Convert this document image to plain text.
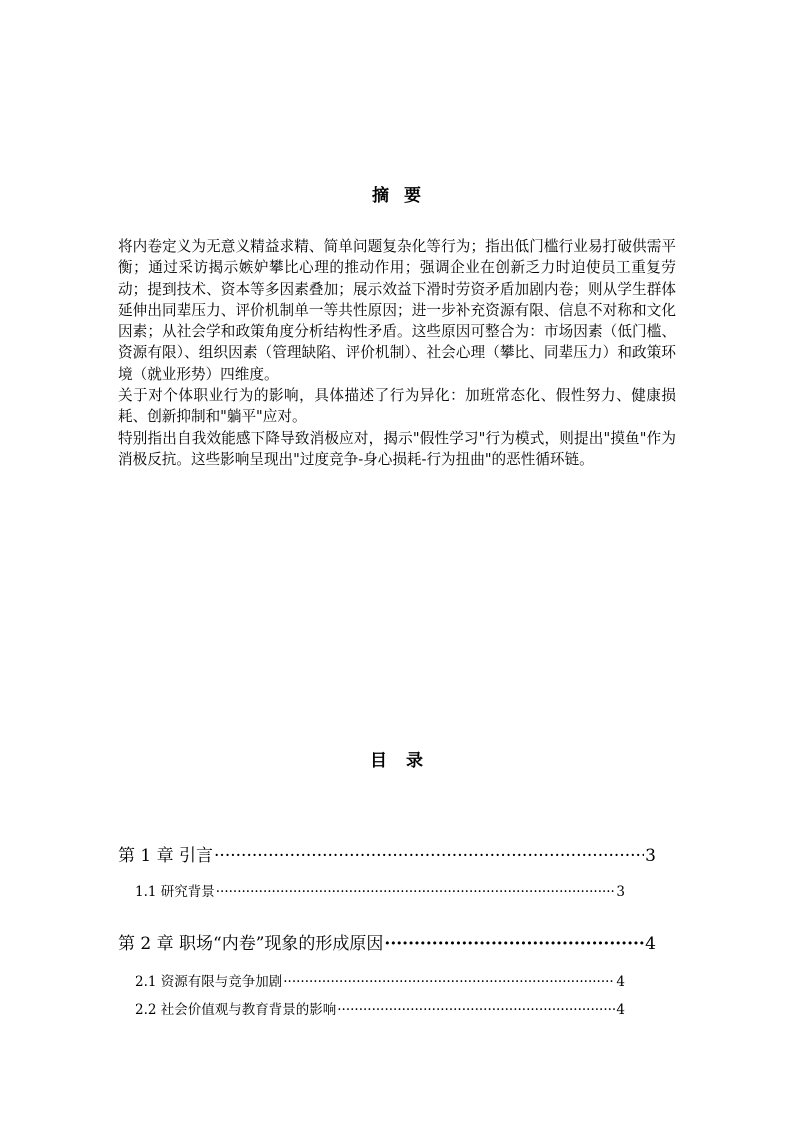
摘 要

将内卷定义为无意义精益求精、简单问题复杂化等行为；指出低门槛行业易打破供需平衡；通过采访揭示嫉妒攀比心理的推动作用；强调企业在创新乏力时迫使员工重复劳动；提到技术、资本等多因素叠加；展示效益下滑时劳资矛盾加剧内卷；则从学生群体延伸出同辈压力、评价机制单一等共性原因；进一步补充资源有限、信息不对称和文化因素；从社会学和政策角度分析结构性矛盾。这些原因可整合为：市场因素（低门槛、资源有限）、组织因素（管理缺陷、评价机制）、社会心理（攀比、同辈压力）和政策环境（就业形势）四维度。

关于对个体职业行为的影响，具体描述了行为异化：加班常态化、假性努力、健康损耗、创新抑制和"躺平"应对。

特别指出自我效能感下降导致消极应对，揭示"假性学习"行为模式，则提出"摸鱼"作为消极反抗。这些影响呈现出"过度竞争-身心损耗-行为扭曲"的恶性循环链。

目 录
第 1 章 引言 ·····	3
1.1 研究背景 ·····	3
第 2 章 职场“内卷”现象的形成原因 ·····	4
2.1 资源有限与竞争加剧 ·····	4
2.2 社会价值观与教育背景的影响 ·····	4
